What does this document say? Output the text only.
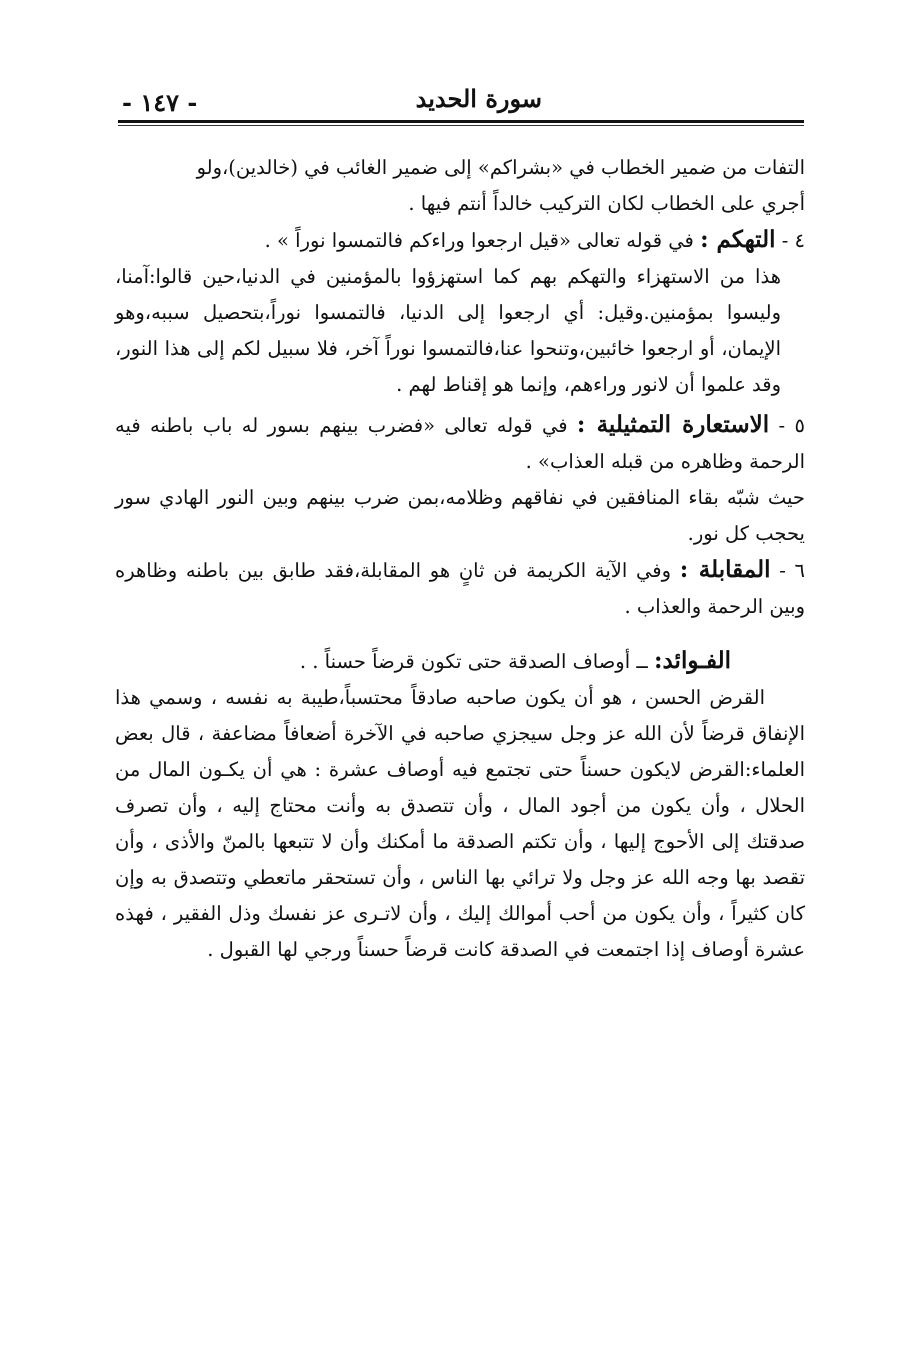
سورة الحديد
- ١٤٧ -

التفات من ضمير الخطاب في «بشراكم» إلى ضمير الغائب في (خالدين)،ولو
أجري على الخطاب لكان التركيب خالداً أنتم فيها .

٤ - التهكم : في قوله تعالى «قيل ارجعوا وراءكم فالتمسوا نوراً » .

هذا من الاستهزاء والتهكم بهم كما استهزؤوا بالمؤمنين في الدنيا،حين قالوا:آمنا، وليسوا بمؤمنين.وقيل: أي ارجعوا إلى الدنيا، فالتمسوا نوراً،بتحصيل سببه،وهو الإيمان، أو ارجعوا خائبين،وتنحوا عنا،فالتمسوا نوراً آخر، فلا سبيل لكم إلى هذا النور، وقد علموا أن لانور وراءهم، وإنما هو إقناط لهم .

٥ - الاستعارة التمثيلية : في قوله تعالى «فضرب بينهم بسور له باب باطنه فيه الرحمة وظاهره من قبله العذاب» .

حيث شبّه بقاء المنافقين في نفاقهم وظلامه،بمن ضرب بينهم وبين النور الهادي سور يحجب كل نور.

٦ - المقابلة : وفي الآية الكريمة فن ثانٍ هو المقابلة،فقد طابق بين باطنه وظاهره وبين الرحمة والعذاب .

الفـوائد: ــ أوصاف الصدقة حتى تكون قرضاً حسناً . .

القرض الحسن ، هو أن يكون صاحبه صادقاً محتسباً،طيبة به نفسه ، وسمي هذا الإنفاق قرضاً لأن الله عز وجل سيجزي صاحبه في الآخرة أضعافاً مضاعفة ، قال بعض العلماء:القرض لايكون حسناً حتى تجتمع فيه أوصاف عشرة : هي أن يكـون المال من الحلال ، وأن يكون من أجود المال ، وأن تتصدق به وأنت محتاج إليه ، وأن تصرف صدقتك إلى الأحوج إليها ، وأن تكتم الصدقة ما أمكنك وأن لا تتبعها بالمنّ والأذى ، وأن تقصد بها وجه الله عز وجل ولا ترائي بها الناس ، وأن تستحقر ماتعطي وتتصدق به وإن كان كثيراً ، وأن يكون من أحب أموالك إليك ، وأن لاتـرى عز نفسك وذل الفقير ، فهذه عشرة أوصاف إذا اجتمعت في الصدقة كانت قرضاً حسناً ورجي لها القبول .
